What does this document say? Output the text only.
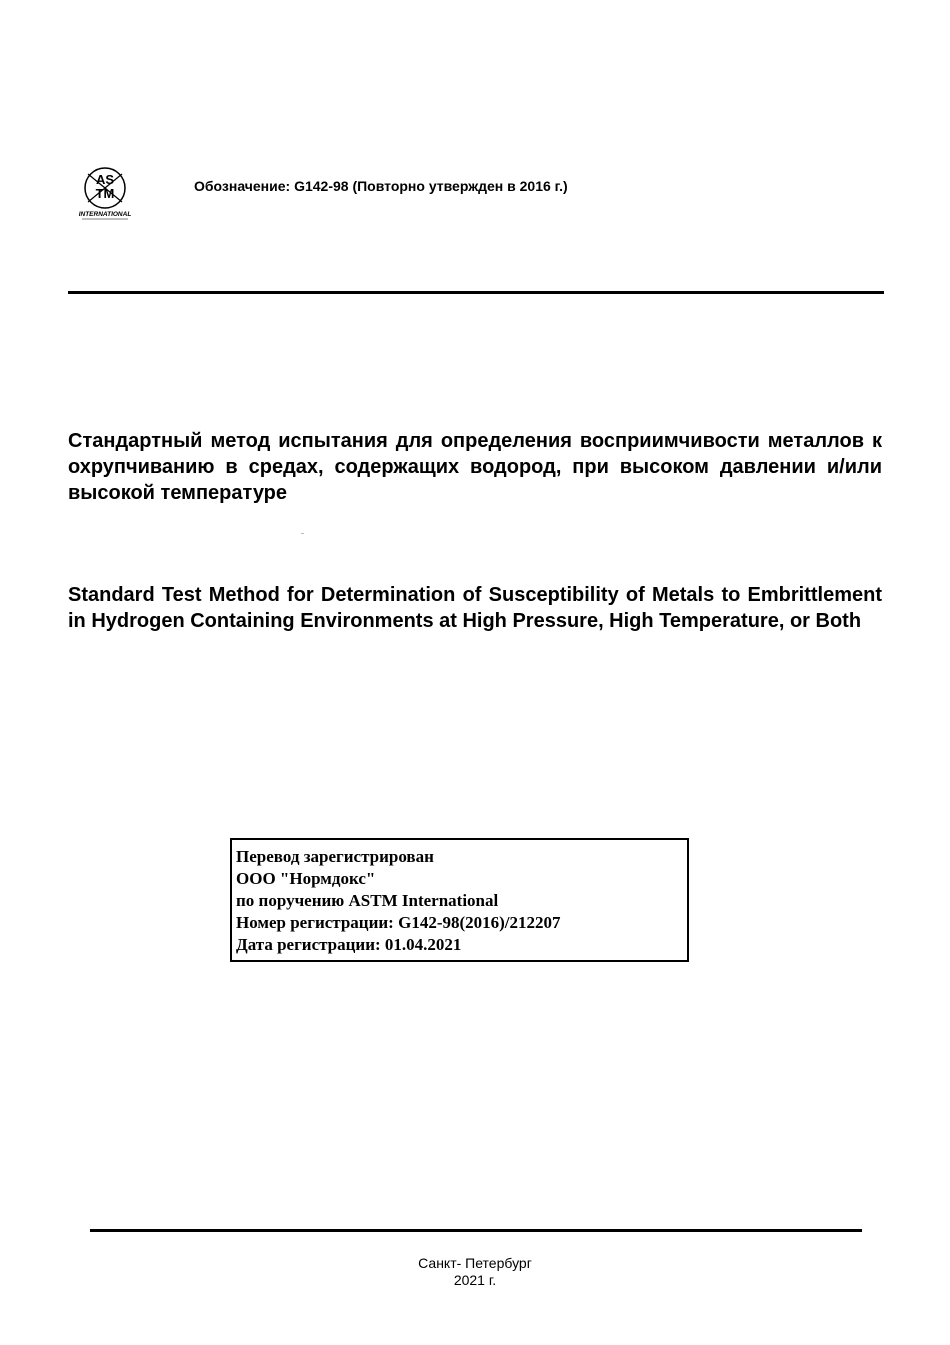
AS
TM
INTERNATIONAL
Обозначение: G142-98 (Повторно утвержден в 2016 г.)

Стандартный метод испытания для определения восприимчивости металлов к охрупчиванию в средах, содержащих водород, при высоком давлении и/или высокой температуре

Standard Test Method for Determination of Susceptibility of Metals to Embrittlement in Hydrogen Containing Environments at High Pressure, High Temperature, or Both

Перевод зарегистрирован
ООО "Нормдокс"
по поручению ASTM International
Номер регистрации: G142-98(2016)/212207
Дата регистрации: 01.04.2021
Санкт- Петербург
2021 г.
